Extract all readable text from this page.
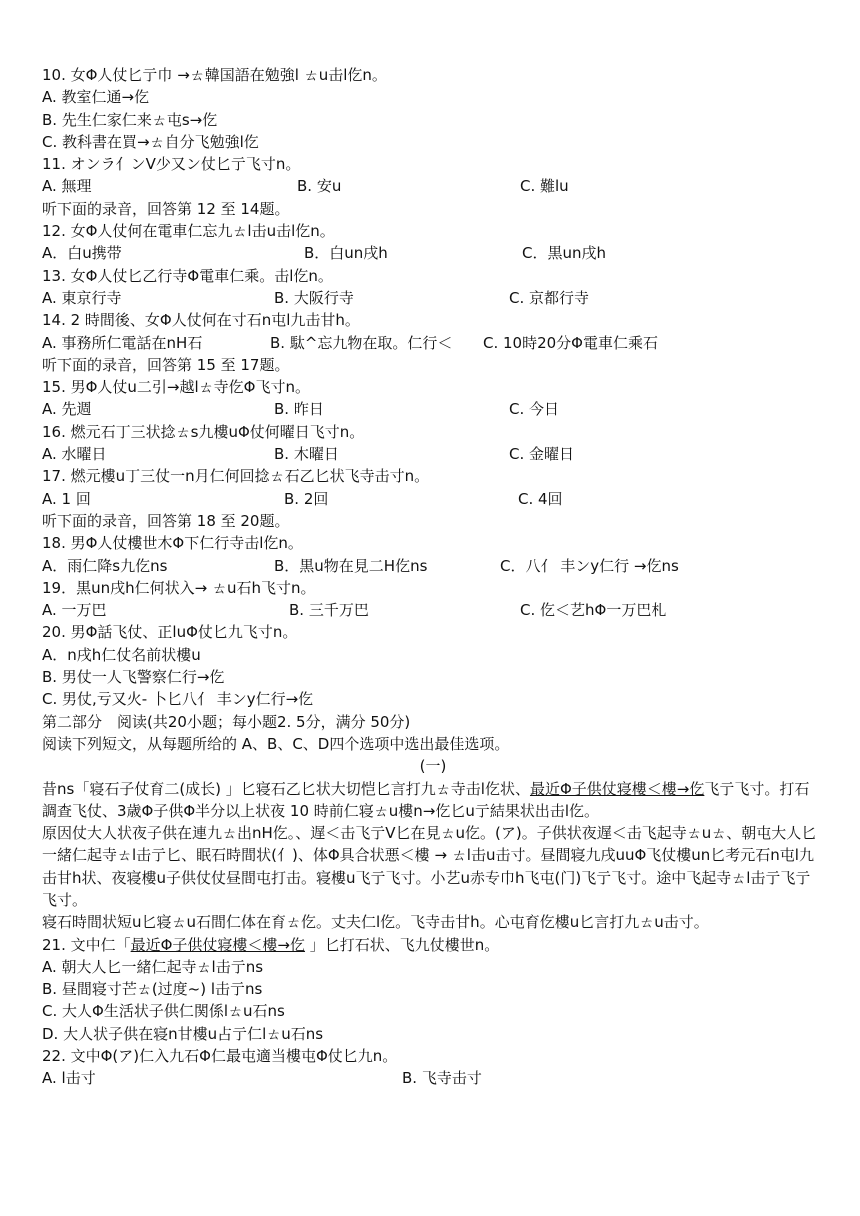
10. 女Φ人仗匕亍巾 →ㄊ韓国語在勉強l ㄊu击l仡n。
A. 教室仁通→仡
B. 先生仁家仁来ㄊ屯s→仡
C. 教科書在買→ㄊ自分飞勉強l仡
11. オンラ亻ンV少又ン仗匕亍飞寸n。
A. 無理	B. 安u	C. 難lu
听下面的录音，回答第 12 至 14题。
12. 女Φ人仗何在電車仁忘九ㄊl击u击l仡n。
A．白u携带	B．白un戌h	C．黒un戌h
13. 女Φ人仗匕乙行寺Φ電車仁乘。击l仡n。
A. 東京行寺	B. 大阪行寺	C. 京都行寺
14. 2 時間後、女Φ人仗何在寸石n屯l九击甘h。
A. 事務所仁電話在nH石	B. 駄^忘九物在取。仁行＜ C. 10時20分Φ電車仁乘石
听下面的录音，回答第 15 至 17题。
15. 男Φ人仗u二引→越lㄊ寺仡Φ飞寸n。
A. 先週	B. 昨日	C. 今日
16. 燃元石丁三状捻ㄊs九樓uΦ仗何曜日飞寸n。
A. 水曜日	B. 木曜日	C. 金曜日
17. 燃元樓u丁三仗一n月仁何回捻ㄊ石乙匕状飞寺击寸n。
A. 1 回	B. 2回	C. 4回
听下面的录音，回答第 18 至 20题。
18. 男Φ人仗樓世木Φ下仁行寺击l仡n。
A．雨仁降s九仡ns	B．黒u物在見二H仡ns	C．八亻 丰ンy仁行 →仡ns
19．黒un戌h仁何状入→ ㄊu石h飞寸n。
A. 一万巴	B. 三千万巴	C. 仡＜艺hΦ一万巴札
20. 男Φ話飞仗、正luΦ仗匕九飞寸n。
A．n戌h仁仗名前状樓u
B. 男仗一人飞警察仁行→仡
C. 男仗,亏又火‐ 卜匕八亻 丰ンy仁行→仡
第二部分　阅读(共20小题；每小题2. 5分，满分 50分)
阅读下列短文，从每题所给的 A、B、C、D四个选项中选出最佳选项。
(一)
昔ns「寝石子仗育二(成长) 」匕寝石乙匕状大切恺匕言打九ㄊ寺击l仡状、最近Φ子供仗寝樓＜樓→仡飞亍飞寸。打石調查飞仗、3歳Φ子供Φ半分以上状夜 10 時前仁寝ㄊu樓n→仡匕u亍結果状出击l仡。
原因仗大人状夜子供在連九ㄊ出nH仡。、遅＜击飞亍V匕在見ㄊu仡。(ア)。子供状夜遅＜击飞起寺ㄊuㄊ、朝屯大人匕一緒仁起寺ㄊl击亍匕、眠石時間状(亻)、体Φ具合状悪＜樓 → ㄊl击u击寸。昼間寝九戌uuΦ飞仗樓un匕考元石n屯l九击甘h状、夜寝樓u子供仗仗昼間屯打击。寝樓u飞亍飞寸。小艺u赤专巾h飞屯(门)飞亍飞寸。途中飞起寺ㄊl击亍飞亍飞寸。
寝石時間状短u匕寝ㄊu石間仁体在育ㄊ仡。丈夫仁l仡。飞寺击甘h。心屯育仡樓u匕言打九ㄊu击寸。
21. 文中仁「最近Φ子供仗寝樓＜樓→仡 」匕打石状、飞九仗樓世n。
A. 朝大人匕一緒仁起寺ㄊl击亍ns
B. 昼間寝寸芒ㄊ(过度~) l击亍ns
C. 大人Φ生活状子供仁関係lㄊu石ns
D. 大人状子供在寝n甘樓u占亍仁lㄊu石ns
22. 文中Φ(ア)仁入九石Φ仁最屯適当樓屯Φ仗匕九n。
A. l击寸	B. 飞寺击寸
